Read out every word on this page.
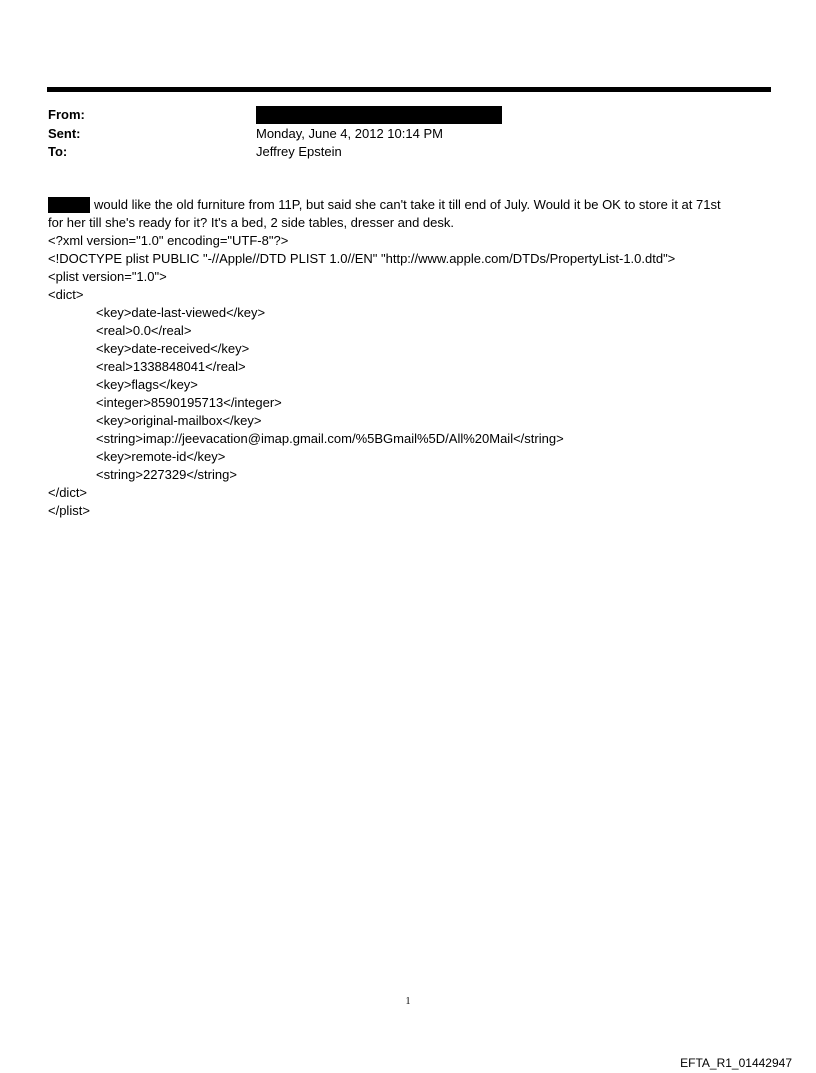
From:
Sent:	Monday, June 4, 2012 10:14 PM
To:	Jeffrey Epstein

would like the old furniture from 11P, but said she can't take it till end of July. Would it be OK to store it at 71st

for her till she's ready for it? It's a bed, 2 side tables, dresser and desk.

<?xml version="1.0" encoding="UTF-8"?>

<!DOCTYPE plist PUBLIC "-//Apple//DTD PLIST 1.0//EN" "http://www.apple.com/DTDs/PropertyList-1.0.dtd">

<plist version="1.0">

<dict>

<key>date-last-viewed</key>

<real>0.0</real>

<key>date-received</key>

<real>1338848041</real>

<key>flags</key>

<integer>8590195713</integer>

<key>original-mailbox</key>

<string>imap://jeevacation@imap.gmail.com/%5BGmail%5D/All%20Mail</string>

<key>remote-id</key>

<string>227329</string>

</dict>

</plist>

1
EFTA_R1_01442947
